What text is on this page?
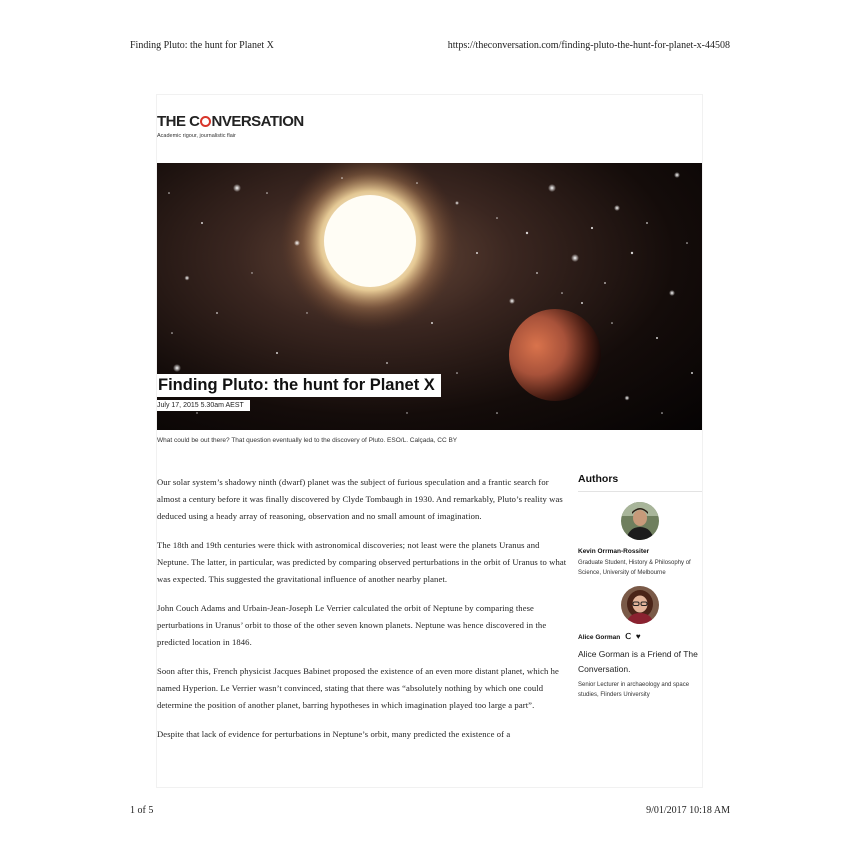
Finding Pluto: the hunt for Planet X	https://theconversation.com/finding-pluto-the-hunt-for-planet-x-44508
THE C NVERSATION
Academic rigour, journalistic flair
Finding Pluto: the hunt for Planet X
July 17, 2015 5.30am AEST
What could be out there? That question eventually led to the discovery of Pluto. ESO/L. Calçada, CC BY

Our solar system’s shadowy ninth (dwarf) planet was the subject of furious speculation and a frantic search for almost a century before it was finally discovered by Clyde Tombaugh in 1930. And remarkably, Pluto’s reality was deduced using a heady array of reasoning, observation and no small amount of imagination.

The 18th and 19th centuries were thick with astronomical discoveries; not least were the planets Uranus and Neptune. The latter, in particular, was predicted by comparing observed perturbations in the orbit of Uranus to what was expected. This suggested the gravitational influence of another nearby planet.

John Couch Adams and Urbain-Jean-Joseph Le Verrier calculated the orbit of Neptune by comparing these perturbations in Uranus’ orbit to those of the other seven known planets. Neptune was hence discovered in the predicted location in 1846.

Soon after this, French physicist Jacques Babinet proposed the existence of an even more distant planet, which he named Hyperion. Le Verrier wasn’t convinced, stating that there was “absolutely nothing by which one could determine the position of another planet, barring hypotheses in which imagination played too large a part”.

Despite that lack of evidence for perturbations in Neptune’s orbit, many predicted the existence of a

Authors
Kevin Orrman-Rossiter
Graduate Student, History & Philosophy of Science, University of Melbourne
Alice Gorman 𝖢 ♥
Alice Gorman is a Friend of The Conversation.
Senior Lecturer in archaeology and space studies, Flinders University
1 of 5	9/01/2017 10:18 AM
